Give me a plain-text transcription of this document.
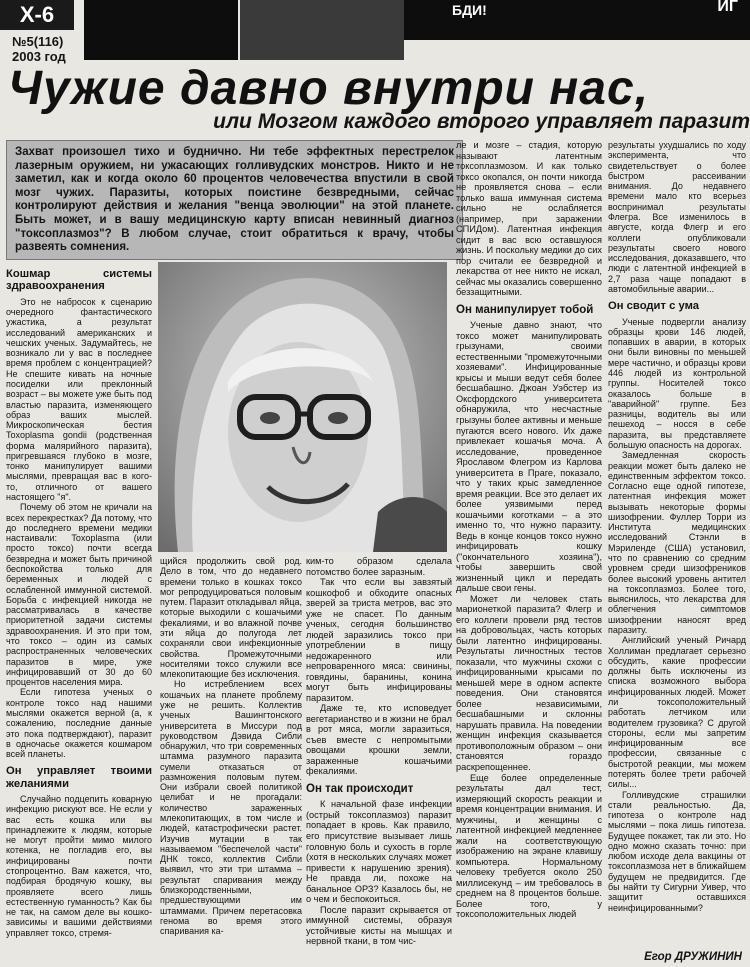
Х-6
№5(116)
2003 год
БДИ!	ИГ
Чужие давно внутри нас,
или Мозгом каждого второго управляет паразит
Захват произошел тихо и буднично. Ни тебе эффектных перестрелок лазерным оружием, ни ужасающих голливудских монстров. Никто и не заметил, как и когда около 60 процентов человечества впустили в свой мозг чужих. Паразиты, которых поистине безвредными, сейчас контролируют действия и желания "венца эволюции" на этой планете. Быть может, и в вашу медицинскую карту вписан невинный диагноз "токсоплазмоз"? В любом случае, стоит обратиться к врачу, чтобы развеять сомнения.
Кошмар системы здравоохранения

Это не набросок к сценарию очередного фантастического ужастика, а результат исследований американских и чешских ученых. Задумайтесь, не возникало ли у вас в последнее время проблем с концентрацией? Не спешите кивать на ночные посиделки или преклонный возраст – вы можете уже быть под властью паразита, изменяющего образ ваших мыслей. Микроскопическая бестия Toxoplasma gondii (родственная форма малярийного паразита), пригревшаяся глубоко в мозге, тонко манипулирует вашими мыслями, превращая вас в кого-то, отличного от вашего настоящего "я".

Почему об этом не кричали на всех перекрестках? Да потому, что до последнего времени медики настаивали: Toxoplasma (или просто токсо) почти всегда безвредна и может быть причиной беспокойства только для беременных и людей с ослабленной иммунной системой. Борьба с инфекцией никогда не рассматривалась в качестве приоритетной задачи системы здравоохранения. И это при том, что токсо – один из самых распространенных человеческих паразитов в мире, уже инфицировавший от 30 до 60 процентов населения мира.

Если гипотеза ученых о контроле токсо над нашими мыслями окажется верной (а, к сожалению, последние данные это пока подтверждают), паразит в одночасье окажется кошмаром всей планеты.

Он управляет твоими желаниями

Случайно подцепить коварную инфекцию рискуют все. Не если у вас есть кошка или вы принадлежите к людям, которые не могут пройти мимо милого котенка, не погладив его, вы инфицированы почти стопроцентно. Вам кажется, что, подбирая бродячую кошку, вы проявляете всего лишь естественную гуманность? Как бы не так, на самом деле вы кошко-зависимы и вашими действиями управляет токсо, стремя-

щийся продолжить свой род. Дело в том, что до недавнего времени только в кошках токсо мог репродуцироваться половым путем. Паразит откладывал яйца, которые выходили с кошачьими фекалиями, и во влажной почве эти яйца до полугода лет сохраняли свои инфекционные свойства. Промежуточными носителями токсо служили все млекопитающие без исключения.

Но истреблением всех кошачьих на планете проблему уже не решить. Коллектив ученых Вашингтонского университета в Миссури под руководством Дэвида Сибли обнаружил, что три современных штамма разумного паразита сумели отказаться от размножения половым путем. Они избрали своей политикой целибат и не прогадали: количество зараженных млекопитающих, в том числе и людей, катастрофически растет. Изучив мутации в так называемом "беспечелой части" ДНК токсо, коллектив Сибли выявил, что эти три штамма – результат спаривания между близкородственными, предшествующими им штаммами. Причем перетасовка генома во время этого спаривания ка-

ким-то образом сделала потомство более заразным.

Так что если вы завзятый кошкофоб и обходите опасных зверей за триста метров, вас это уже не спасет. По данным ученых, сегодня большинство людей заразились токсо при употреблении в пищу недожаренного или непроваренного мяса: свинины, говядины, баранины, конина могут быть инфицированы паразитом.

Даже те, кто исповедует вегетарианство и в жизни не брал в рот мяса, могли заразиться, съев вместе с непромытыми овощами крошки земли, зараженные кошачьими фекалиями.

Он так происходит

К начальной фазе инфекции (острый токсоплазмоз) паразит попадает в кровь. Как правило, его присутствие вызывает лишь головную боль и сухость в горле (хотя в нескольких случаях может привести к нарушению зрения). Не правда ли, похоже на банальное ОРЗ? Казалось бы, не о чем и беспокоиться.

После паразит скрывается от иммунной системы, образуя устойчивые кисты на мышцах и нервной ткани, в том чис-

ле и мозге – стадия, которую называют латентным токсоплазмозом. И как только токсо окопался, он почти никогда не проявляется снова – если только ваша иммунная система сильно не ослабляется (например, при заражении СПИДом). Латентная инфекция сидит в вас всю оставшуюся жизнь. И поскольку медики до сих пор считали ее безвредной и лекарства от нее никто не искал, сейчас мы оказались совершенно беззащитными.

Он манипулирует тобой

Ученые давно знают, что токсо может манипулировать грызунами, своими естественными "промежуточными хозяевами". Инфицированные крысы и мыши ведут себя более бесшабашно. Джоан Уэбстер из Оксфордского университета обнаружила, что несчастные грызуны более активны и меньше пугаются всего нового. Их даже привлекает кошачья моча. А исследование, проведенное Ярославом Флегром из Карлова университета в Праге, показало, что у таких крыс замедленное время реакции. Все это делает их более уязвимыми перед кошачьими коготками – а это именно то, что нужно паразиту. Ведь в конце концов токсо нужно инфицировать кошку ("окончательного хозяина"), чтобы завершить свой жизненный цикл и передать дальше свои гены.

Может ли человек стать марионеткой паразита? Флегр и его коллеги провели ряд тестов на добровольцах, часть которых были латентно инфицированы. Результаты личностных тестов показали, что мужчины схожи с инфицированными крысами по меньшей мере в одном аспекте поведения. Они становятся более независимыми, бесшабашными и склонны нарушать правила. На поведении женщин инфекция сказывается противоположным образом – они становятся гораздо раскрепощеннее.

Еще более определенные результаты дал тест, измеряющий скорость реакции и время концентрации внимания. И мужчины, и женщины с латентной инфекцией медленнее жали на соответствующую изображению на экране клавишу компьютера. Нормальному человеку требуется около 250 миллисекунд – им требовалось в среднем на 8 процентов больше. Более того, у токсоположительных людей

результаты ухудшались по ходу эксперимента, что свидетельствует о более быстром рассеивании внимания. До недавнего времени мало кто всерьез воспринимал результаты Флегра. Все изменилось в августе, когда Флегр и его коллеги опубликовали результаты своего нового исследования, доказавшего, что люди с латентной инфекцией в 2,7 раза чаще попадают в автомобильные аварии...

Он сводит с ума

Ученые подвергли анализу образцы крови 146 людей, попавших в аварии, в которых они были виновны по меньшей мере частично, и образцы крови 446 людей из контрольной группы. Носителей токсо оказалось больше в "аварийной" группе. Без разницы, водитель вы или пешеход – носся в себе паразита, вы представляете большую опасность на дорогах.

Замедленная скорость реакции может быть далеко не единственным эффектом токсо. Согласно еще одной гипотезе, латентная инфекция может вызывать некоторые формы шизофрении. Фуллер Торри из Института медицинских исследований Стэнли в Мэриленде (США) установил, что по сравнению со средним уровнем среди шизофреников более высокий уровень антител на токсоплазмоз. Более того, выяснилось, что лекарства для облегчения симптомов шизофрении наносят вред паразиту.

Английский ученый Ричард Холлиман предлагает серьезно обсудить, какие профессии должны быть исключены из списка возможного выбора инфицированных людей. Может ли токсоположительный работать летчиком или водителем грузовика? С другой стороны, если мы запретим инфицированным все профессии, связанные с быстротой реакции, мы можем потерять более трети рабочей силы...

Голливудские страшилки стали реальностью. Да, гипотеза о контроле над мыслями – пока лишь гипотеза. Будущее покажет, так ли это. Но одно можно сказать точно: при любом исходе дела вакцины от токсоплазмоза нет в ближайшем будущем не предвидится. Где бы найти ту Сигурни Уивер, что защитит оставшихся неинфицированными?

Егор ДРУЖИНИН
